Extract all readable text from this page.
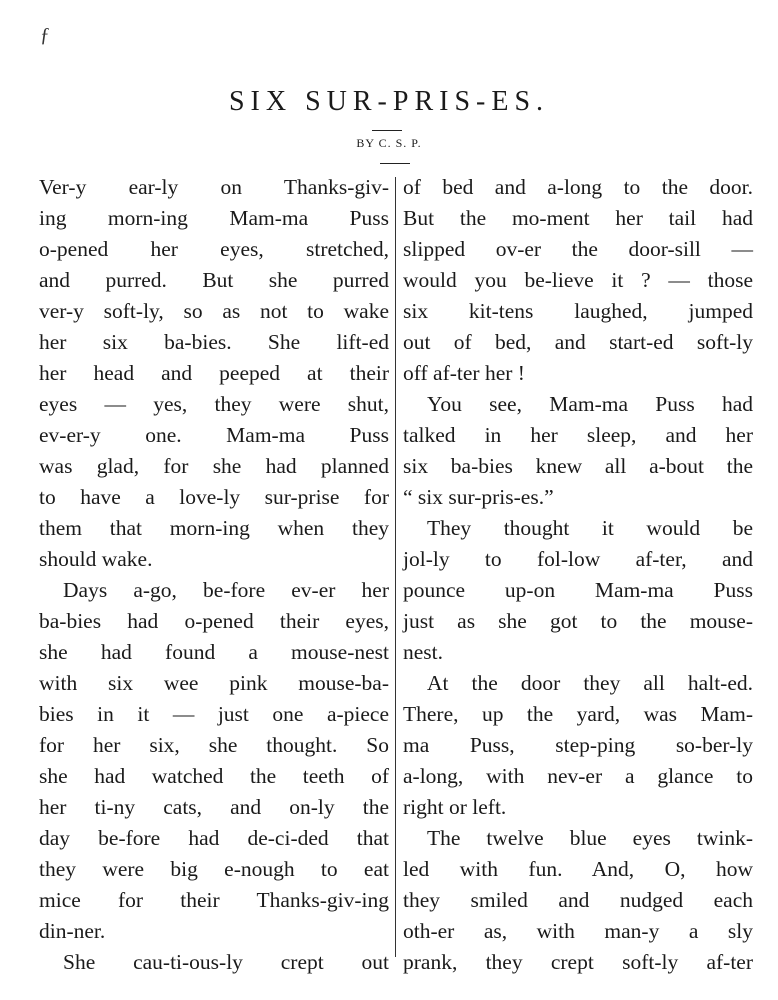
ƒ
SIX SUR-PRIS-ES.
BY C. S. P.
Ver-y ear-ly on Thanks-giv-
ing morn-ing Mam-ma Puss
o-pened her eyes, stretched,
and purred. But she purred
ver-y soft-ly, so as not to wake
her six ba-bies. She lift-ed
her head and peeped at their
eyes — yes, they were shut,
ev-er-y one. Mam-ma Puss
was glad, for she had planned
to have a love-ly sur-prise for
them that morn-ing when they
should wake.
Days a-go, be-fore ev-er her
ba-bies had o-pened their eyes,
she had found a mouse-nest
with six wee pink mouse-ba-
bies in it — just one a-piece
for her six, she thought. So
she had watched the teeth of
her ti-ny cats, and on-ly the
day be-fore had de-ci-ded that
they were big e-nough to eat
mice for their Thanks-giv-ing
din-ner.
She cau-ti-ous-ly crept out
of bed and a-long to the door.
But the mo-ment her tail had
slipped ov-er the door-sill —
would you be-lieve it ? — those
six kit-tens laughed, jumped
out of bed, and start-ed soft-ly
off af-ter her !
You see, Mam-ma Puss had
talked in her sleep, and her
six ba-bies knew all a-bout the
“ six sur-pris-es.”
They thought it would be
jol-ly to fol-low af-ter, and
pounce up-on Mam-ma Puss
just as she got to the mouse-
nest.
At the door they all halt-ed.
There, up the yard, was Mam-
ma Puss, step-ping so-ber-ly
a-long, with nev-er a glance to
right or left.
The twelve blue eyes twink-
led with fun. And, O, how
they smiled and nudged each
oth-er as, with man-y a sly
prank, they crept soft-ly af-ter
